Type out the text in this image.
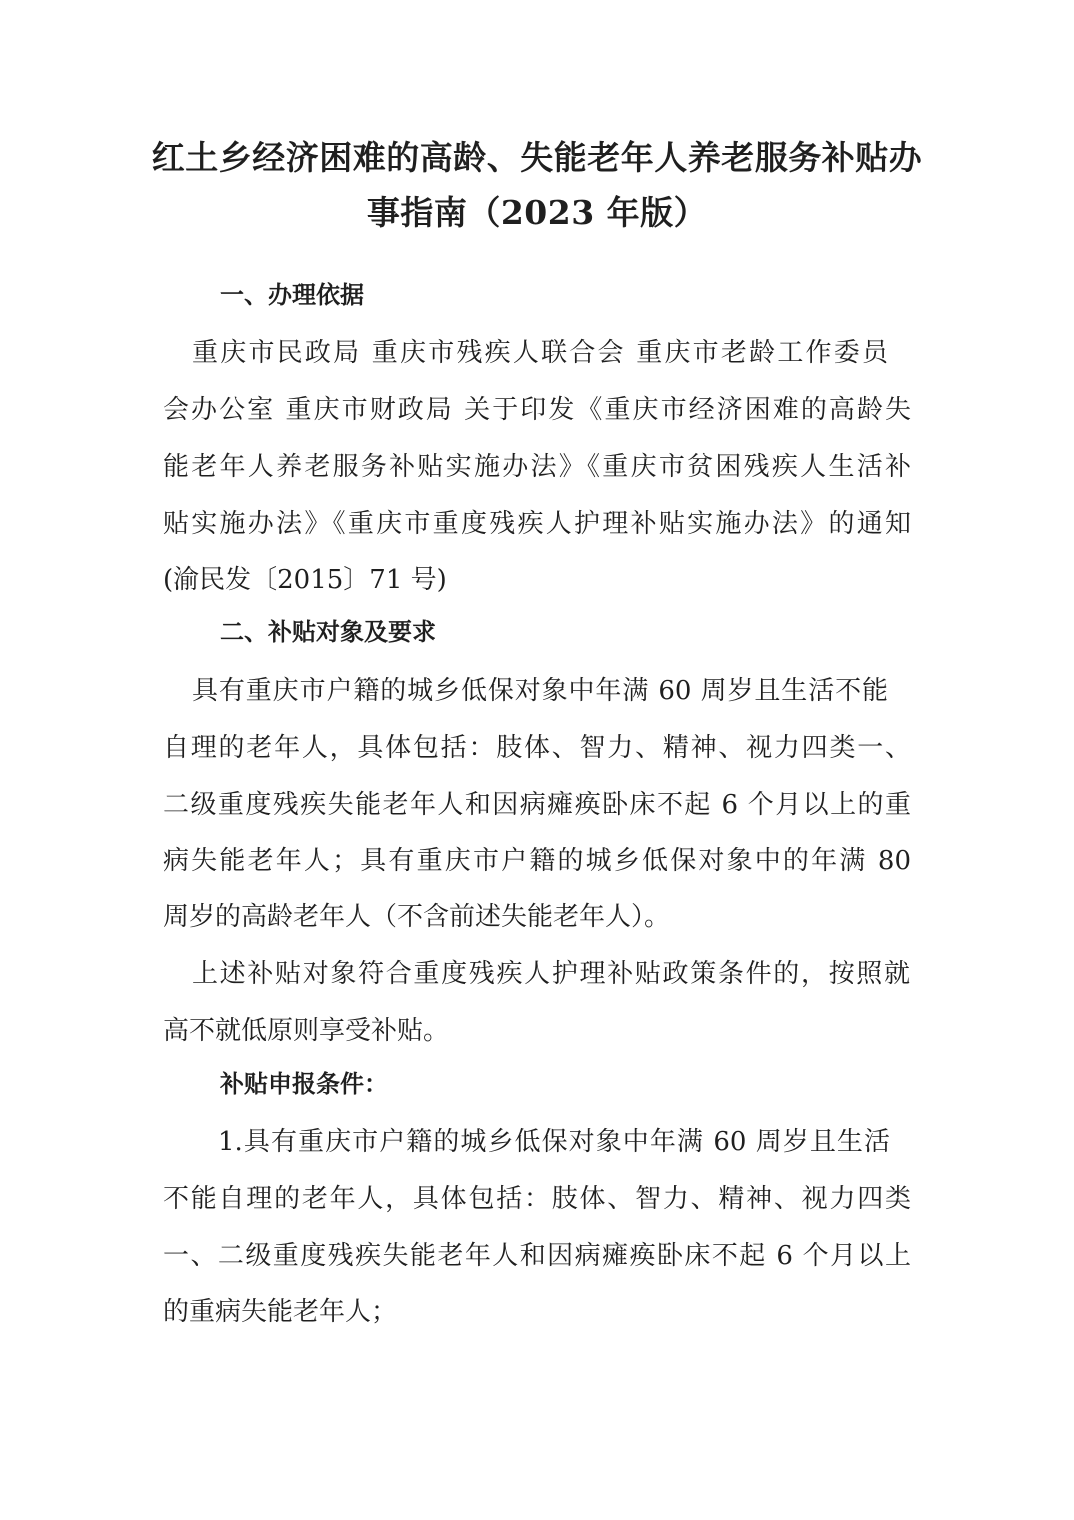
红土乡经济困难的高龄、失能老年人养老服务补贴办
事指南（2023 年版）
一、办理依据

重庆市民政局 重庆市残疾人联合会 重庆市老龄工作委员

会办公室 重庆市财政局 关于印发《重庆市经济困难的高龄失

能老年人养老服务补贴实施办法》《重庆市贫困残疾人生活补

贴实施办法》《重庆市重度残疾人护理补贴实施办法》的通知

(渝民发〔2015〕71 号)

二、补贴对象及要求

具有重庆市户籍的城乡低保对象中年满 60 周岁且生活不能

自理的老年人，具体包括：肢体、智力、精神、视力四类一、

二级重度残疾失能老年人和因病瘫痪卧床不起 6 个月以上的重

病失能老年人；具有重庆市户籍的城乡低保对象中的年满 80

周岁的高龄老年人（不含前述失能老年人）。

上述补贴对象符合重度残疾人护理补贴政策条件的，按照就

高不就低原则享受补贴。

补贴申报条件：

1.具有重庆市户籍的城乡低保对象中年满 60 周岁且生活

不能自理的老年人，具体包括：肢体、智力、精神、视力四类

一、二级重度残疾失能老年人和因病瘫痪卧床不起 6 个月以上

的重病失能老年人；
